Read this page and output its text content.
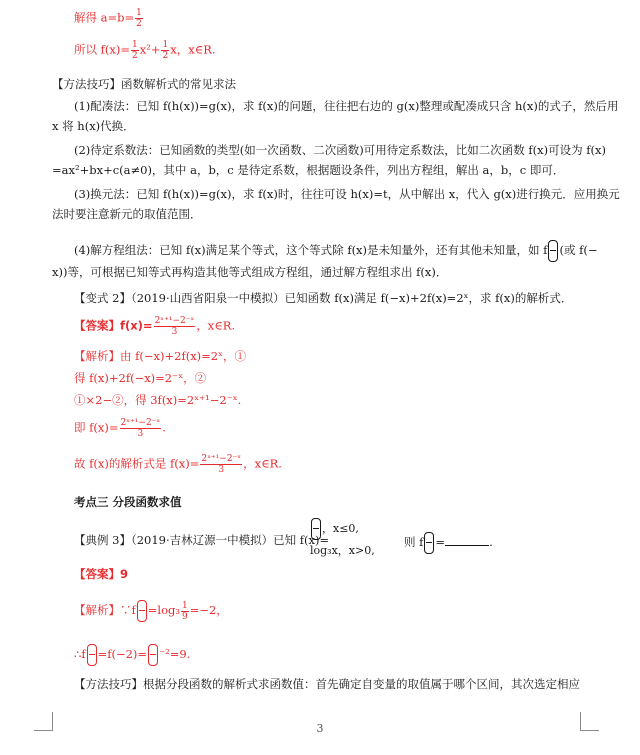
解得 $a=b= \frac{1}{2}$
所以 $f(x)= \frac{1}{2} x^2+ \frac{1}{2}$ x，x∈R.
【方法技巧】函数解析式的常见求法
(1)配凑法：已知 f(h(x))=g(x)，求 f(x)的问题，往往把右边的 g(x)整理或配凑成只含 h(x)的式子，然后用
x 将 h(x)代换．
(2)待定系数法：已知函数的类型(如一次函数、二次函数)可用待定系数法，比如二次函数 f(x)可设为 f(x)
=ax²+bx+c(a≠0)，其中 a，b，c 是待定系数，根据题设条件，列出方程组，解出 a，b，c 即可．
(3)换元法：已知 f(h(x))=g(x)，求 f(x)时，往往可设 h(x)=t，从中解出 x，代入 g(x)进行换元．应用换元
法时要注意新元的取值范围．
(4)解方程组法：已知 f(x)满足某个等式，这个等式除 f(x)是未知量外，还有其他未知量，如 f (或 f(−
x))等，可根据已知等式再构造其他等式组成方程组，通过解方程组求出 f(x)．
【变式 2】（2019·山西省阳泉一中模拟）已知函数 f(x)满足 f(−x)+2f(x)=2ˣ，求 f(x)的解析式．
【答案】$f(x)= \frac{\text{2ˣ⁺¹−2⁻ˣ}}{3}$ ，x∈R.
【解析】由 f(−x)+2f(x)=2ˣ，①
得 f(x)+2f(−x)=2⁻ˣ，②
①×2−②，得 3f(x)=2ˣ⁺¹−2⁻ˣ.
即 $f(x)= \frac{\text{2ˣ⁺¹−2⁻ˣ}}{3}$ .
故 f(x)的解析式是 $f(x)= \frac{\text{2ˣ⁺¹−2⁻ˣ}}{3}$ ，x∈R.
考点三 分段函数求值
【典例 3】（2019·吉林辽源一中模拟）已知 f(x)=
，x≤0,
log₃x，x>0,
则 f =	.
【答案】9
【解析】∵f $=\log_3 \frac{1}{9} =-2$，
∴f =f(−2)= ⁻²=9.
【方法技巧】根据分段函数的解析式求函数值：首先确定自变量的取值属于哪个区间，其次选定相应
3
